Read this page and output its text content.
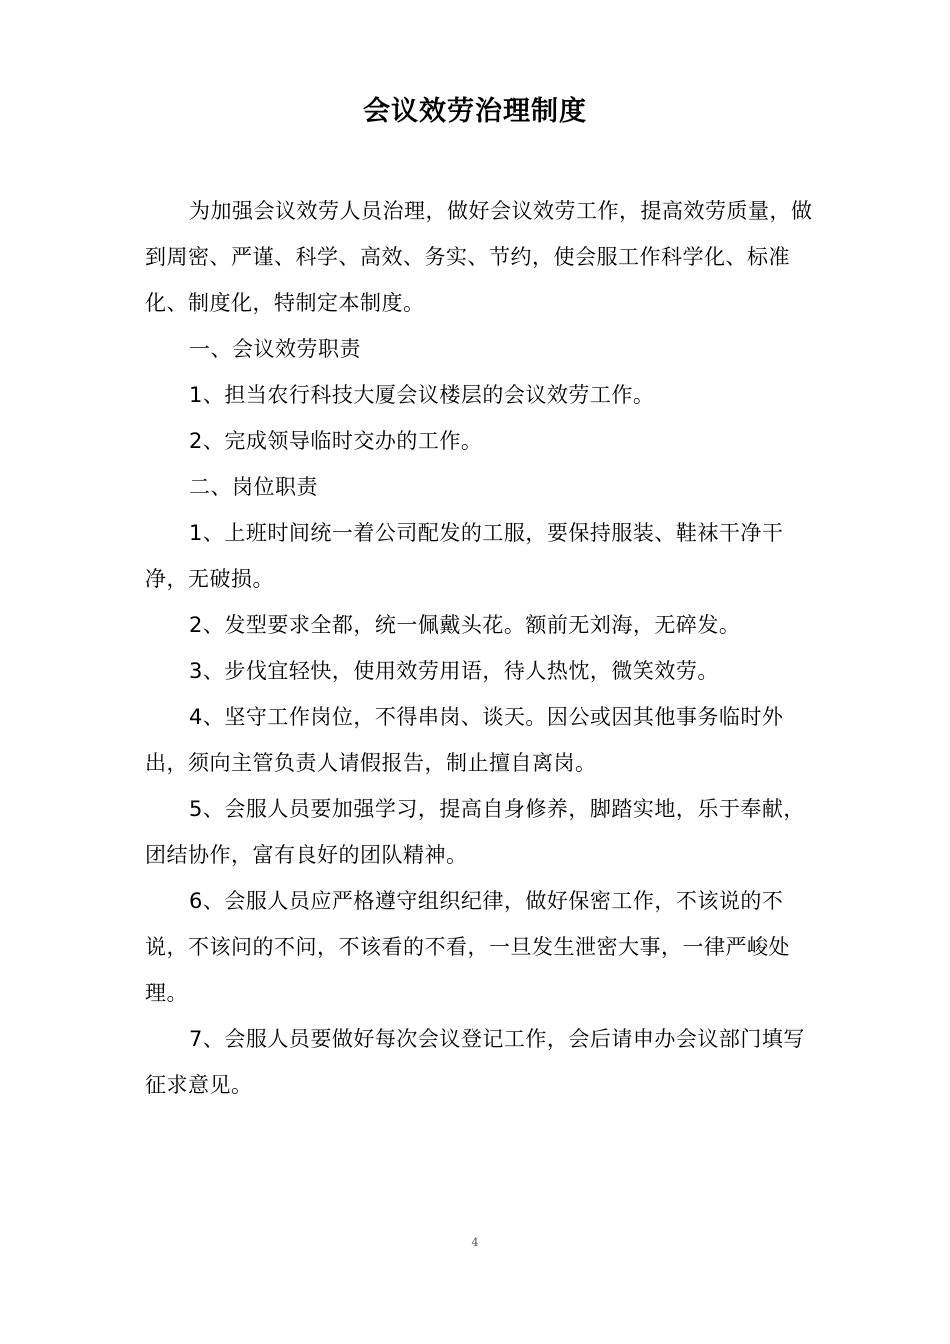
会议效劳治理制度

为加强会议效劳人员治理，做好会议效劳工作，提高效劳质量，做到周密、严谨、科学、高效、务实、节约，使会服工作科学化、标准化、制度化，特制定本制度。

一、会议效劳职责

1、担当农行科技大厦会议楼层的会议效劳工作。

2、完成领导临时交办的工作。

二、岗位职责

1、上班时间统一着公司配发的工服，要保持服装、鞋袜干净干净，无破损。

2、发型要求全都，统一佩戴头花。额前无刘海，无碎发。

3、步伐宜轻快，使用效劳用语，待人热忱，微笑效劳。

4、坚守工作岗位，不得串岗、谈天。因公或因其他事务临时外出，须向主管负责人请假报告，制止擅自离岗。

5、会服人员要加强学习，提高自身修养，脚踏实地，乐于奉献，团结协作，富有良好的团队精神。

6、会服人员应严格遵守组织纪律，做好保密工作，不该说的不说，不该问的不问，不该看的不看，一旦发生泄密大事，一律严峻处理。

7、会服人员要做好每次会议登记工作，会后请申办会议部门填写征求意见。

4
